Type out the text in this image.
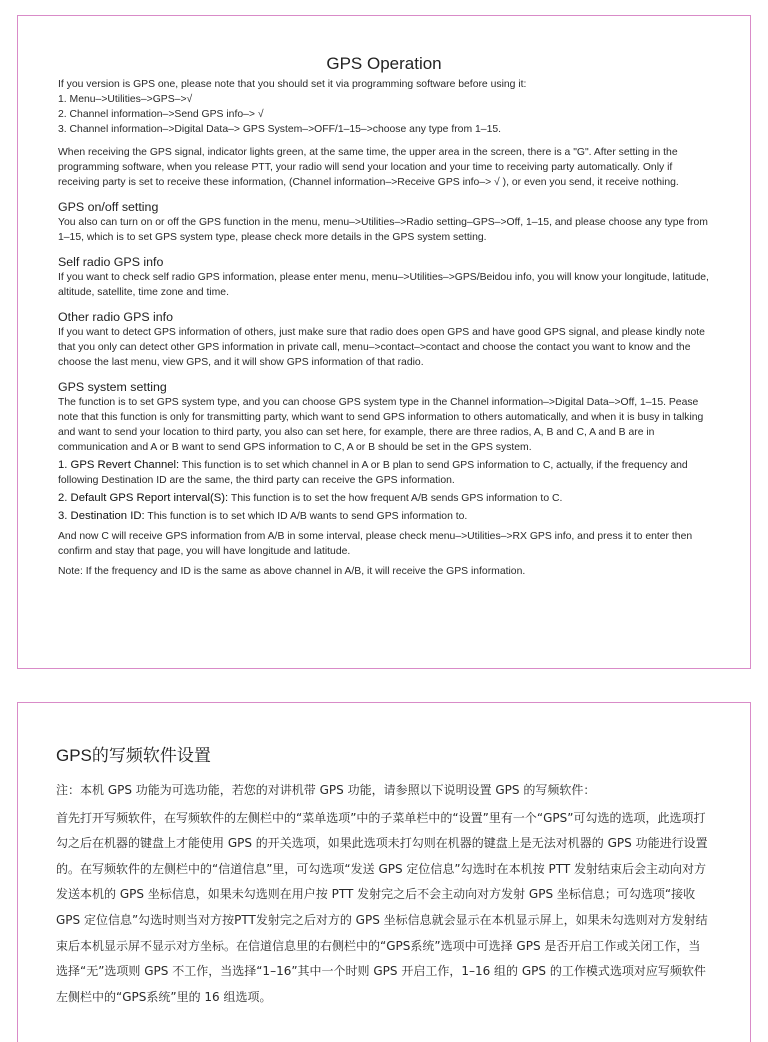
GPS Operation

If you version is GPS one, please note that you should set it via programming software before using it:

1. Menu–>Utilities–>GPS–>√
2. Channel information–>Send GPS info–> √
3. Channel information–>Digital Data–> GPS System–>OFF/1–15–>choose any type from 1–15.

When receiving the GPS signal, indicator lights green, at the same time, the upper area in the screen, there is a "G". After setting in the programming software, when you release PTT, your radio will send your location and your time to receiving party automatically. Only if receiving party is set to receive these information, (Channel information–>Receive GPS info–> √ ), or even you send, it receive nothing.

GPS on/off setting

You also can turn on or off the GPS function in the menu, menu–>Utilities–>Radio setting–GPS–>Off, 1–15, and please choose any type from 1–15, which is to set GPS system type, please check more details in the GPS system setting.

Self radio GPS info

If you want to check self radio GPS information, please enter menu, menu–>Utilities–>GPS/Beidou info, you will know your longitude, latitude, altitude, satellite, time zone and time.

Other radio GPS info

If you want to detect GPS information of others, just make sure that radio does open GPS and have good GPS signal, and please kindly note that you only can detect other GPS information in private call, menu–>contact–>contact and choose the contact you want to know and the choose the last menu, view GPS, and it will show GPS information of that radio.

GPS system setting

The function is to set GPS system type, and you can choose GPS system type in the Channel information–>Digital Data–>Off, 1–15. Pease note that this function is only for transmitting party, which want to send GPS information to others automatically, and when it is busy in talking and want to send your location to third party, you also can set here, for example, there are three radios, A, B and C, A and B are in communication and A or B want to send GPS information to C, A or B should be set in the GPS system.

1. GPS Revert Channel: This function is to set which channel in A or B plan to send GPS information to C, actually, if the frequency and following Destination ID are the same, the third party can receive the GPS information.
2. Default GPS Report interval(S): This function is to set the how frequent A/B sends GPS information to C.
3. Destination ID: This function is to set which ID A/B wants to send GPS information to.

And now C will receive GPS information from A/B in some interval, please check menu–>Utilities–>RX GPS info, and press it to enter then confirm and stay that page, you will have longitude and latitude.

Note: If the frequency and ID is the same as above channel in A/B, it will receive the GPS information.

GPS的写频软件设置

注：本机 GPS 功能为可选功能，若您的对讲机带 GPS 功能，请参照以下说明设置 GPS 的写频软件：

首先打开写频软件，在写频软件的左侧栏中的“菜单选项”中的子菜单栏中的“设置”里有一个“GPS”可勾选的选项，此选项打勾之后在机器的键盘上才能使用 GPS 的开关选项，如果此选项未打勾则在机器的键盘上是无法对机器的 GPS 功能进行设置的。在写频软件的左侧栏中的“信道信息”里，可勾选项“发送 GPS 定位信息”勾选时在本机按 PTT 发射结束后会主动向对方发送本机的 GPS 坐标信息，如果未勾选则在用户按 PTT 发射完之后不会主动向对方发射 GPS 坐标信息；可勾选项“接收 GPS 定位信息”勾选时则当对方按PTT发射完之后对方的 GPS 坐标信息就会显示在本机显示屏上，如果未勾选则对方发射结束后本机显示屏不显示对方坐标。在信道信息里的右侧栏中的“GPS系统”选项中可选择 GPS 是否开启工作或关闭工作，当选择“无”选项则 GPS 不工作，当选择“1–16”其中一个时则 GPS 开启工作，1–16 组的 GPS 的工作模式选项对应写频软件左侧栏中的“GPS系统”里的 16 组选项。
